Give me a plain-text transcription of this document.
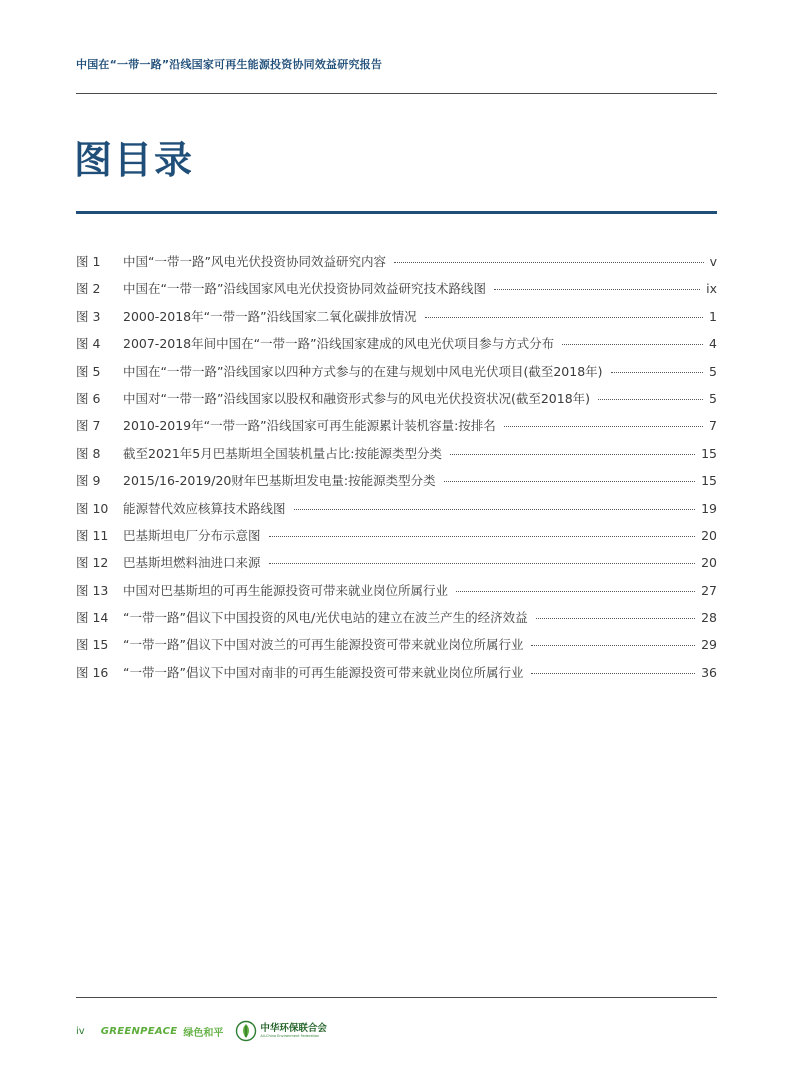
中国在“一带一路”沿线国家可再生能源投资协同效益研究报告
图目录
图 1	中国“一带一路”风电光伏投资协同效益研究内容	v
图 2	中国在“一带一路”沿线国家风电光伏投资协同效益研究技术路线图	ix
图 3	2000-2018年“一带一路”沿线国家二氧化碳排放情况	1
图 4	2007-2018年间中国在“一带一路”沿线国家建成的风电光伏项目参与方式分布	4
图 5	中国在“一带一路”沿线国家以四种方式参与的在建与规划中风电光伏项目(截至2018年)	5
图 6	中国对“一带一路”沿线国家以股权和融资形式参与的风电光伏投资状况(截至2018年)	5
图 7	2010-2019年“一带一路”沿线国家可再生能源累计装机容量:按排名	7
图 8	截至2021年5月巴基斯坦全国装机量占比:按能源类型分类	15
图 9	2015/16-2019/20财年巴基斯坦发电量:按能源类型分类	15
图 10	能源替代效应核算技术路线图	19
图 11	巴基斯坦电厂分布示意图	20
图 12	巴基斯坦燃料油进口来源	20
图 13	中国对巴基斯坦的可再生能源投资可带来就业岗位所属行业	27
图 14	“一带一路”倡议下中国投资的风电/光伏电站的建立在波兰产生的经济效益	28
图 15	“一带一路”倡议下中国对波兰的可再生能源投资可带来就业岗位所属行业	29
图 16	“一带一路”倡议下中国对南非的可再生能源投资可带来就业岗位所属行业	36
iv GREENPEACE 绿色和平	中华环保联合会
All-China Environment Federation
